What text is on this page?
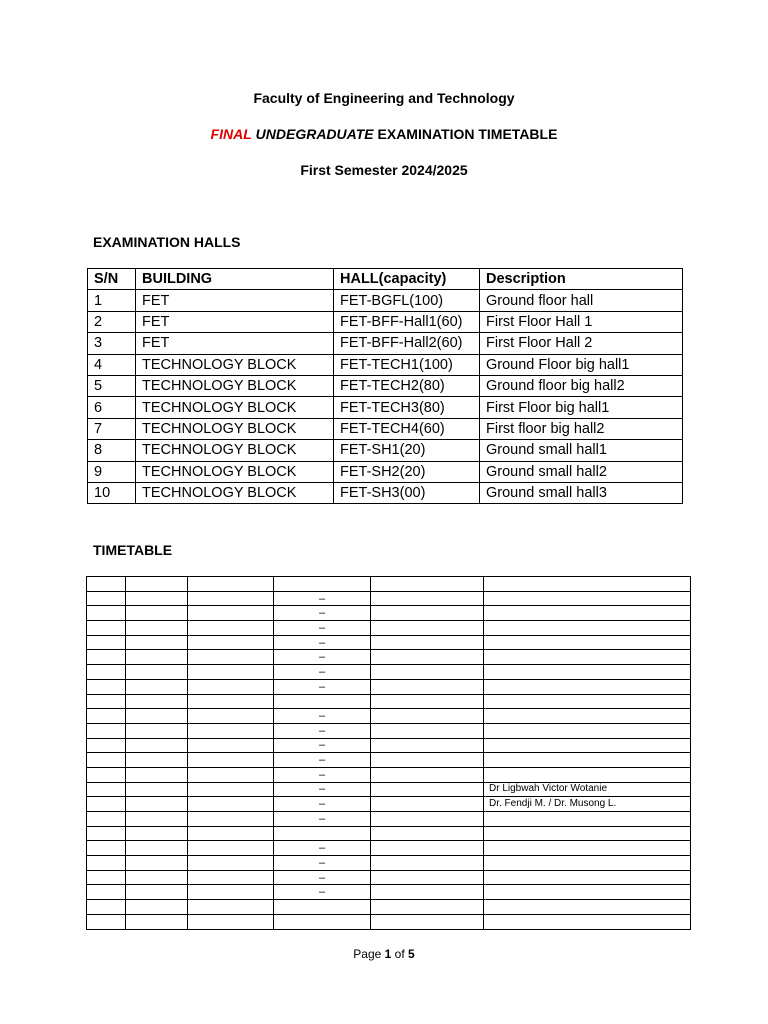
Faculty of Engineering and Technology
FINAL UNDEGRADUATE EXAMINATION TIMETABLE
First Semester 2024/2025
EXAMINATION HALLS
S/N	BUILDING	HALL(capacity)	Description
1	FET	FET-BGFL(100)	Ground floor hall
2	FET	FET-BFF-Hall1(60)	First Floor Hall 1
3	FET	FET-BFF-Hall2(60)	First Floor Hall 2
4	TECHNOLOGY BLOCK	FET-TECH1(100)	Ground Floor big hall1
5	TECHNOLOGY BLOCK	FET-TECH2(80)	Ground floor big hall2
6	TECHNOLOGY BLOCK	FET-TECH3(80)	First Floor big hall1
7	TECHNOLOGY BLOCK	FET-TECH4(60)	First floor big hall2
8	TECHNOLOGY BLOCK	FET-SH1(20)	Ground small hall1
9	TECHNOLOGY BLOCK	FET-SH2(20)	Ground small hall2
10	TECHNOLOGY BLOCK	FET-SH3(00)	Ground small hall3
TIMETABLE

			–		
			–		
			–		
			–		
			–		
			–		
			–		

			–		
			–		
			–		
			–		
			–		
			–		Dr Ligbwah Victor Wotanie
			–		Dr. Fendji M. / Dr. Musong L.
			–		

			–		
			–		
			–		
			–		

Page 1 of 5
